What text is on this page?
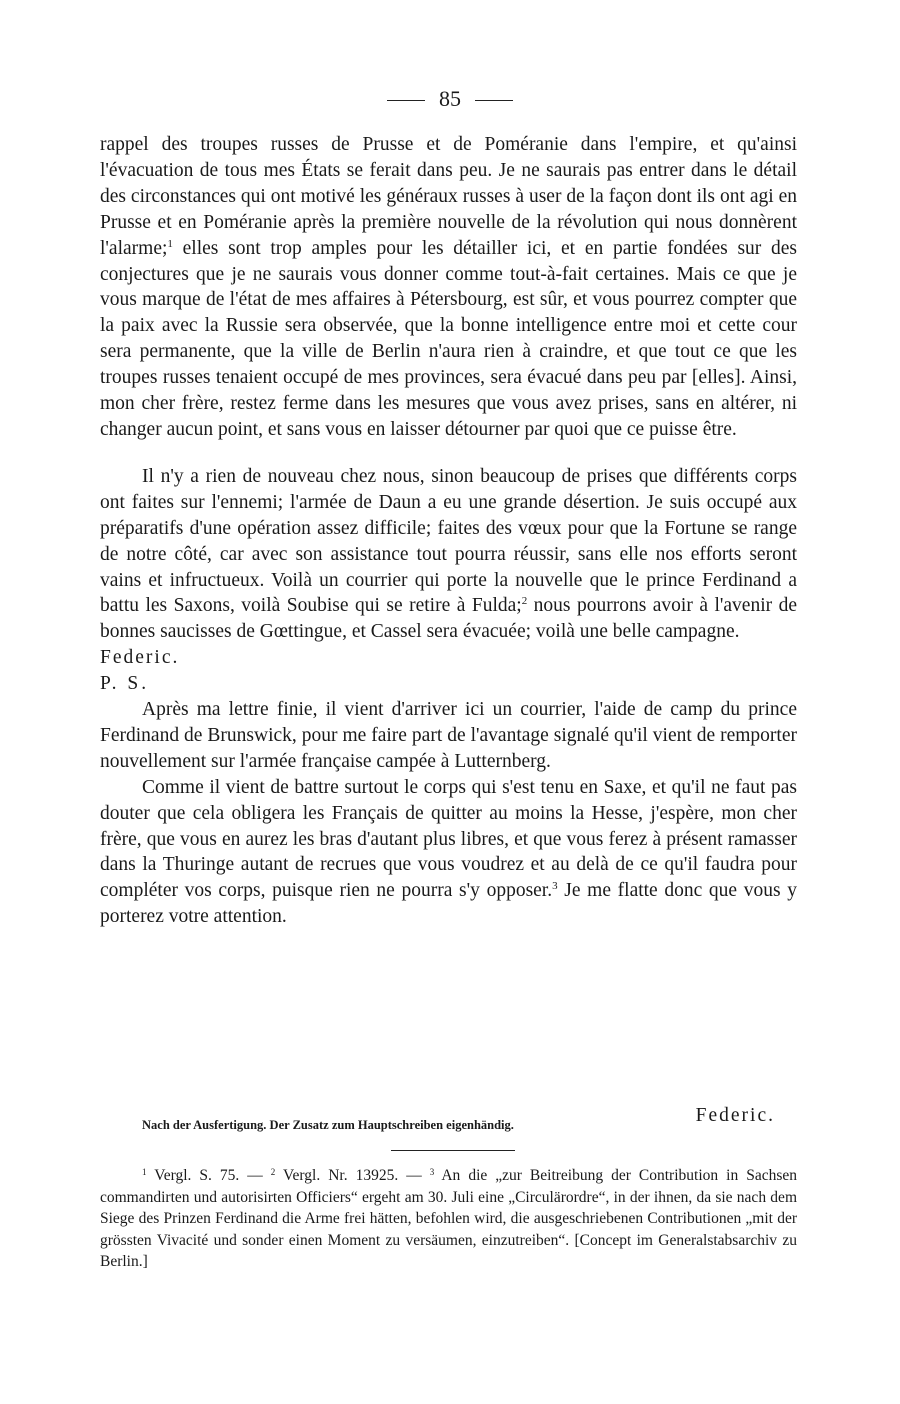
85

rappel des troupes russes de Prusse et de Poméranie dans l'empire, et qu'ainsi l'évacuation de tous mes États se ferait dans peu. Je ne saurais pas entrer dans le détail des circonstances qui ont motivé les généraux russes à user de la façon dont ils ont agi en Prusse et en Poméranie après la première nouvelle de la révolution qui nous donnèrent l'alarme;$^1$ elles sont trop amples pour les détailler ici, et en partie fondées sur des conjectures que je ne saurais vous donner comme tout-à-fait certaines. Mais ce que je vous marque de l'état de mes affaires à Pétersbourg, est sûr, et vous pourrez compter que la paix avec la Russie sera observée, que la bonne intelligence entre moi et cette cour sera permanente, que la ville de Berlin n'aura rien à craindre, et que tout ce que les troupes russes tenaient occupé de mes provinces, sera évacué dans peu par [elles]. Ainsi, mon cher frère, restez ferme dans les mesures que vous avez prises, sans en altérer, ni changer aucun point, et sans vous en laisser détourner par quoi que ce puisse être.

Il n'y a rien de nouveau chez nous, sinon beaucoup de prises que différents corps ont faites sur l'ennemi; l'armée de Daun a eu une grande désertion. Je suis occupé aux préparatifs d'une opération assez difficile; faites des vœux pour que la Fortune se range de notre côté, car avec son assistance tout pourra réussir, sans elle nos efforts seront vains et infructueux. Voilà un courrier qui porte la nouvelle que le prince Ferdinand a battu les Saxons, voilà Soubise qui se retire à Fulda;$^2$ nous pourrons avoir à l'avenir de bonnes saucisses de Gœttingue, et Cassel sera évacuée; voilà une belle campagne.

Federic.

P. S.

Après ma lettre finie, il vient d'arriver ici un courrier, l'aide de camp du prince Ferdinand de Brunswick, pour me faire part de l'avantage signalé qu'il vient de remporter nouvellement sur l'armée française campée à Lutternberg.

Comme il vient de battre surtout le corps qui s'est tenu en Saxe, et qu'il ne faut pas douter que cela obligera les Français de quitter au moins la Hesse, j'espère, mon cher frère, que vous en aurez les bras d'autant plus libres, et que vous ferez à présent ramasser dans la Thuringe autant de recrues que vous voudrez et au delà de ce qu'il faudra pour compléter vos corps, puisque rien ne pourra s'y opposer.$^3$ Je me flatte donc que vous y porterez votre attention.

Nach der Ausfertigung. Der Zusatz zum Hauptschreiben eigenhändig.	Federic.

$^1$ Vergl. S. 75. — $^2$ Vergl. Nr. 13925. — $^3$ An die „zur Beitreibung der Contribution in Sachsen commandirten und autorisirten Officiers“ ergeht am 30. Juli eine „Circulärordre“, in der ihnen, da sie nach dem Siege des Prinzen Ferdinand die Arme frei hätten, befohlen wird, die ausgeschriebenen Contributionen „mit der grössten Vivacité und sonder einen Moment zu versäumen, einzutreiben“. [Concept im Generalstabsarchiv zu Berlin.]
